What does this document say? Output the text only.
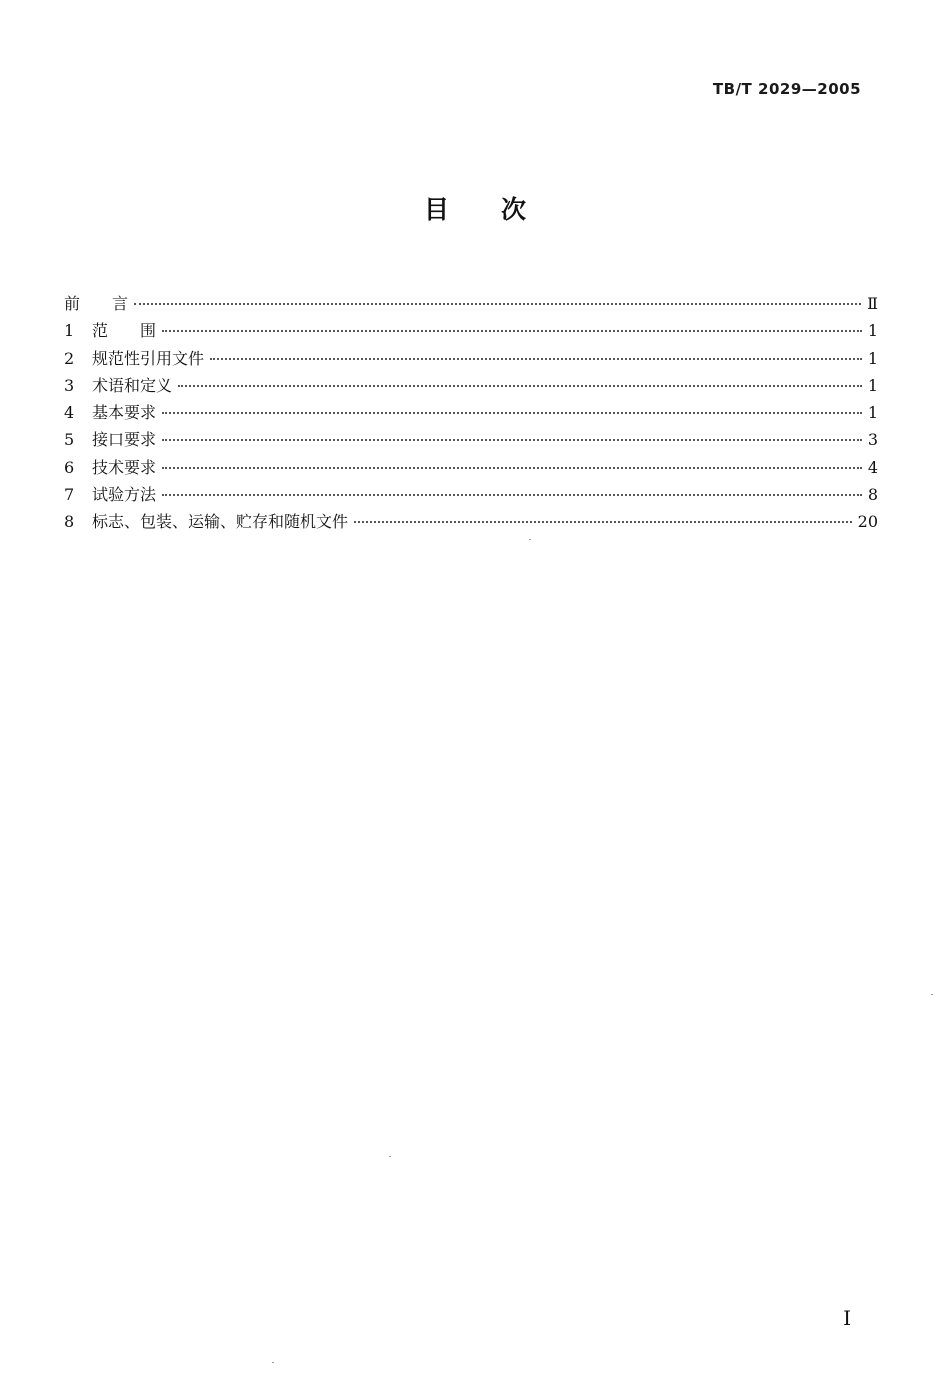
TB/T 2029—2005
目次
前　　言	Ⅱ
1	范　　围	1
2	规范性引用文件	1
3	术语和定义	1
4	基本要求	1
5	接口要求	3
6	技术要求	4
7	试验方法	8
8	标志、包装、运输、贮存和随机文件	20
I
